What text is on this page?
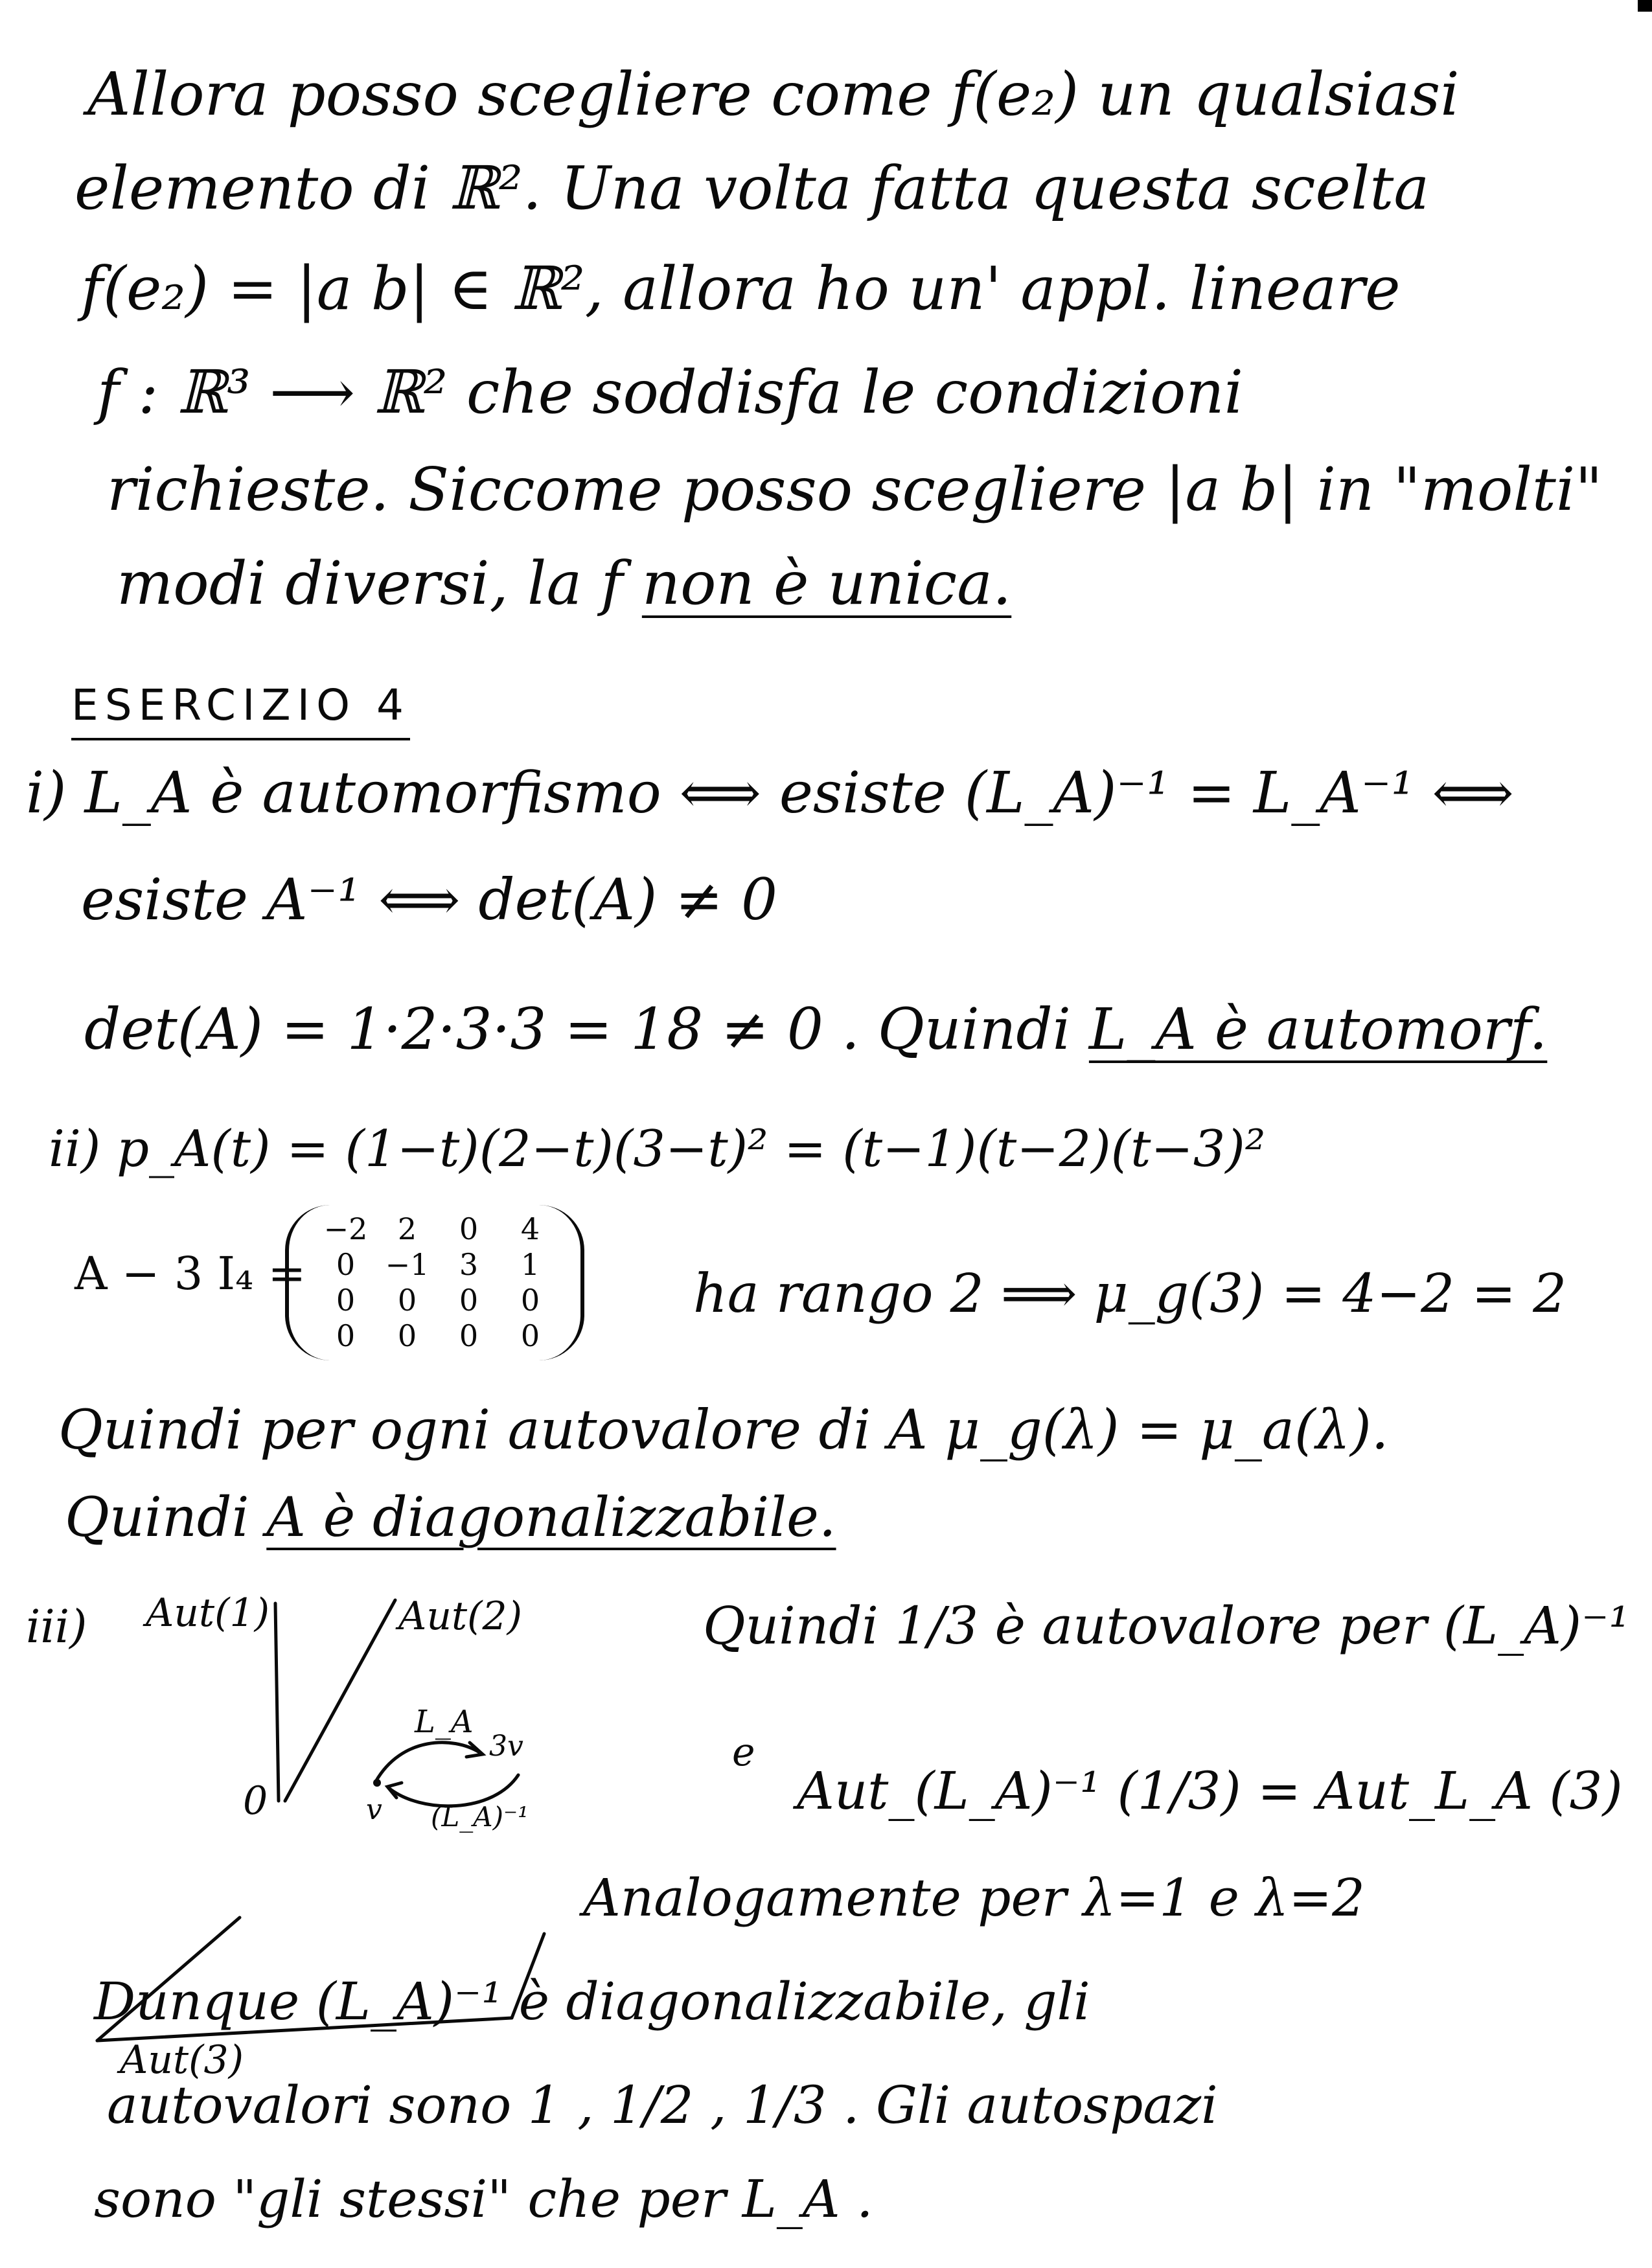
Allora posso scegliere come f(e₂) un qualsiasi
elemento di ℝ². Una volta fatta questa scelta
f(e₂) = |a b| ∈ ℝ², allora ho un' appl. lineare
f : ℝ³ ⟶ ℝ² che soddisfa le condizioni
richieste. Siccome posso scegliere |a b| in "molti"
modi diversi, la f non è unica.
ESERCIZIO 4
i) L_A è automorfismo ⟺ esiste (L_A)⁻¹ = L_A⁻¹ ⟺
esiste A⁻¹ ⟺ det(A) ≠ 0
det(A) = 1·2·3·3 = 18 ≠ 0 . Quindi L_A è automorf.
ii) p_A(t) = (1−t)(2−t)(3−t)² = (t−1)(t−2)(t−3)²
A − 3 I₄ =
−2	2	0	4
0	−1	3	1
0	0	0	0
0	0	0	0
ha rango 2 ⟹ μ_g(3) = 4−2 = 2
Quindi per ogni autovalore di A μ_g(λ) = μ_a(λ).
Quindi A è diagonalizzabile.
iii) Aut(1)	Aut(2)
Aut(3)
0	v
L_A
3v
(L_A)⁻¹
Quindi 1/3 è autovalore per (L_A)⁻¹
e
Aut_(L_A)⁻¹ (1/3) = Aut_L_A (3)
Analogamente per λ=1 e λ=2
Dunque (L_A)⁻¹ è diagonalizzabile, gli
autovalori sono 1 , 1/2 , 1/3 . Gli autospazi
sono "gli stessi" che per L_A .
